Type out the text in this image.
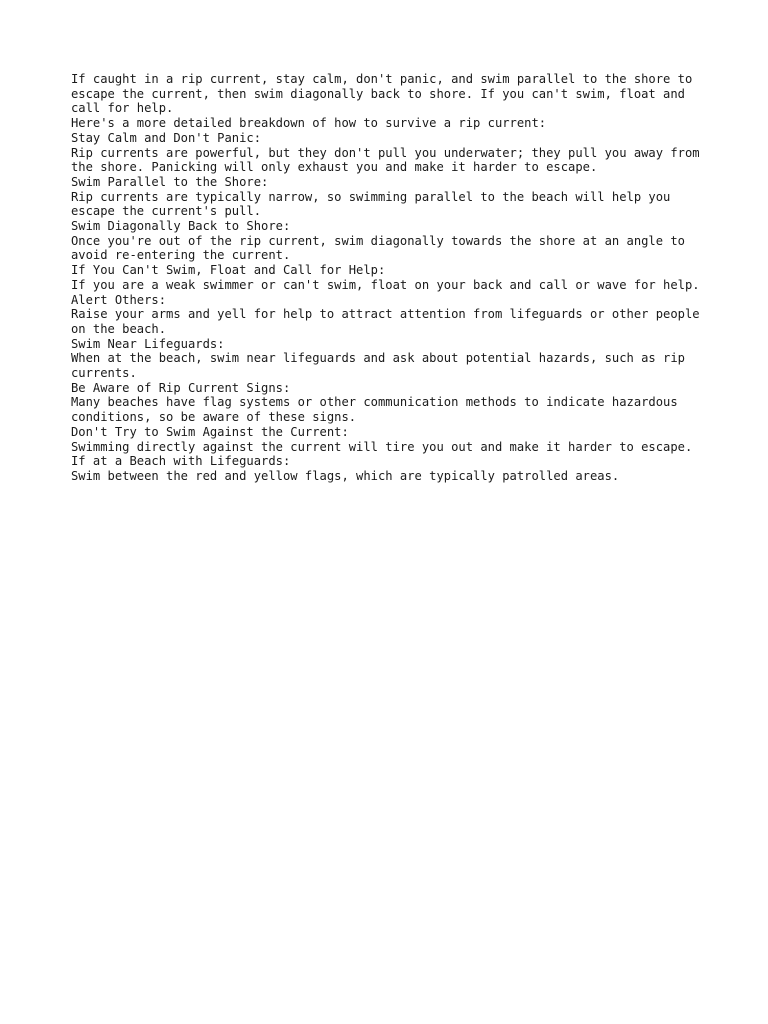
If caught in a rip current, stay calm, don't panic, and swim parallel to the shore to escape the current, then swim diagonally back to shore. If you can't swim, float and call for help.

Here's a more detailed breakdown of how to survive a rip current:

Stay Calm and Don't Panic:

Rip currents are powerful, but they don't pull you underwater; they pull you away from the shore. Panicking will only exhaust you and make it harder to escape.

Swim Parallel to the Shore:

Rip currents are typically narrow, so swimming parallel to the beach will help you escape the current's pull.

Swim Diagonally Back to Shore:

Once you're out of the rip current, swim diagonally towards the shore at an angle to avoid re-entering the current.

If You Can't Swim, Float and Call for Help:

If you are a weak swimmer or can't swim, float on your back and call or wave for help.

Alert Others:

Raise your arms and yell for help to attract attention from lifeguards or other people on the beach.

Swim Near Lifeguards:

When at the beach, swim near lifeguards and ask about potential hazards, such as rip currents.

Be Aware of Rip Current Signs:

Many beaches have flag systems or other communication methods to indicate hazardous conditions, so be aware of these signs.

Don't Try to Swim Against the Current:

Swimming directly against the current will tire you out and make it harder to escape.

If at a Beach with Lifeguards:

Swim between the red and yellow flags, which are typically patrolled areas.
